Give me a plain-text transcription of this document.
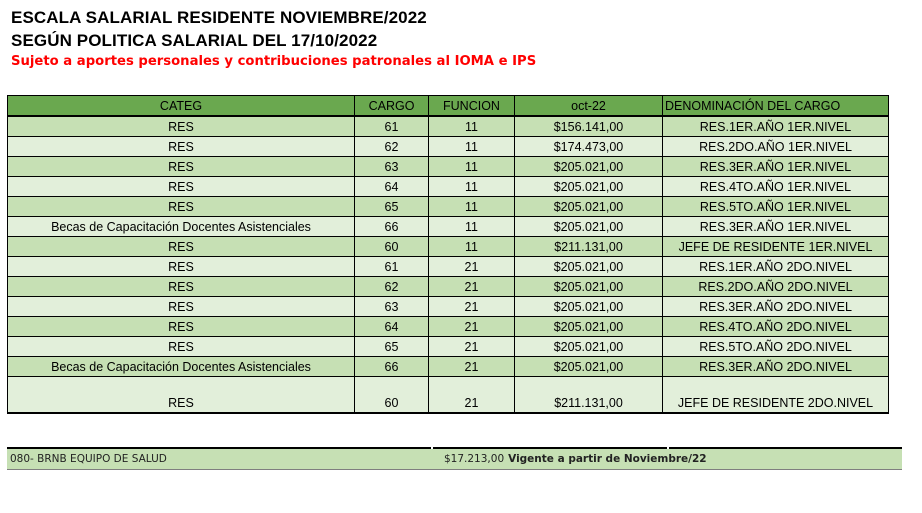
ESCALA SALARIAL RESIDENTE NOVIEMBRE/2022
SEGÚN POLITICA SALARIAL DEL 17/10/2022
Sujeto a aportes personales y contribuciones patronales al IOMA e IPS
CATEG	CARGO	FUNCION	oct-22	DENOMINACIÓN DEL CARGO
RES	61	11	$156.141,00	RES.1ER.AÑO 1ER.NIVEL
RES	62	11	$174.473,00	RES.2DO.AÑO 1ER.NIVEL
RES	63	11	$205.021,00	RES.3ER.AÑO 1ER.NIVEL
RES	64	11	$205.021,00	RES.4TO.AÑO 1ER.NIVEL
RES	65	11	$205.021,00	RES.5TO.AÑO 1ER.NIVEL
Becas de Capacitación Docentes Asistenciales	66	11	$205.021,00	RES.3ER.AÑO 1ER.NIVEL
RES	60	11	$211.131,00	JEFE DE RESIDENTE 1ER.NIVEL
RES	61	21	$205.021,00	RES.1ER.AÑO 2DO.NIVEL
RES	62	21	$205.021,00	RES.2DO.AÑO 2DO.NIVEL
RES	63	21	$205.021,00	RES.3ER.AÑO 2DO.NIVEL
RES	64	21	$205.021,00	RES.4TO.AÑO 2DO.NIVEL
RES	65	21	$205.021,00	RES.5TO.AÑO 2DO.NIVEL
Becas de Capacitación Docentes Asistenciales	66	21	$205.021,00	RES.3ER.AÑO 2DO.NIVEL
RES	60	21	$211.131,00	JEFE DE RESIDENTE 2DO.NIVEL
080- BRNB EQUIPO DE SALUD	$17.213,00 Vigente a partir de Noviembre/22
